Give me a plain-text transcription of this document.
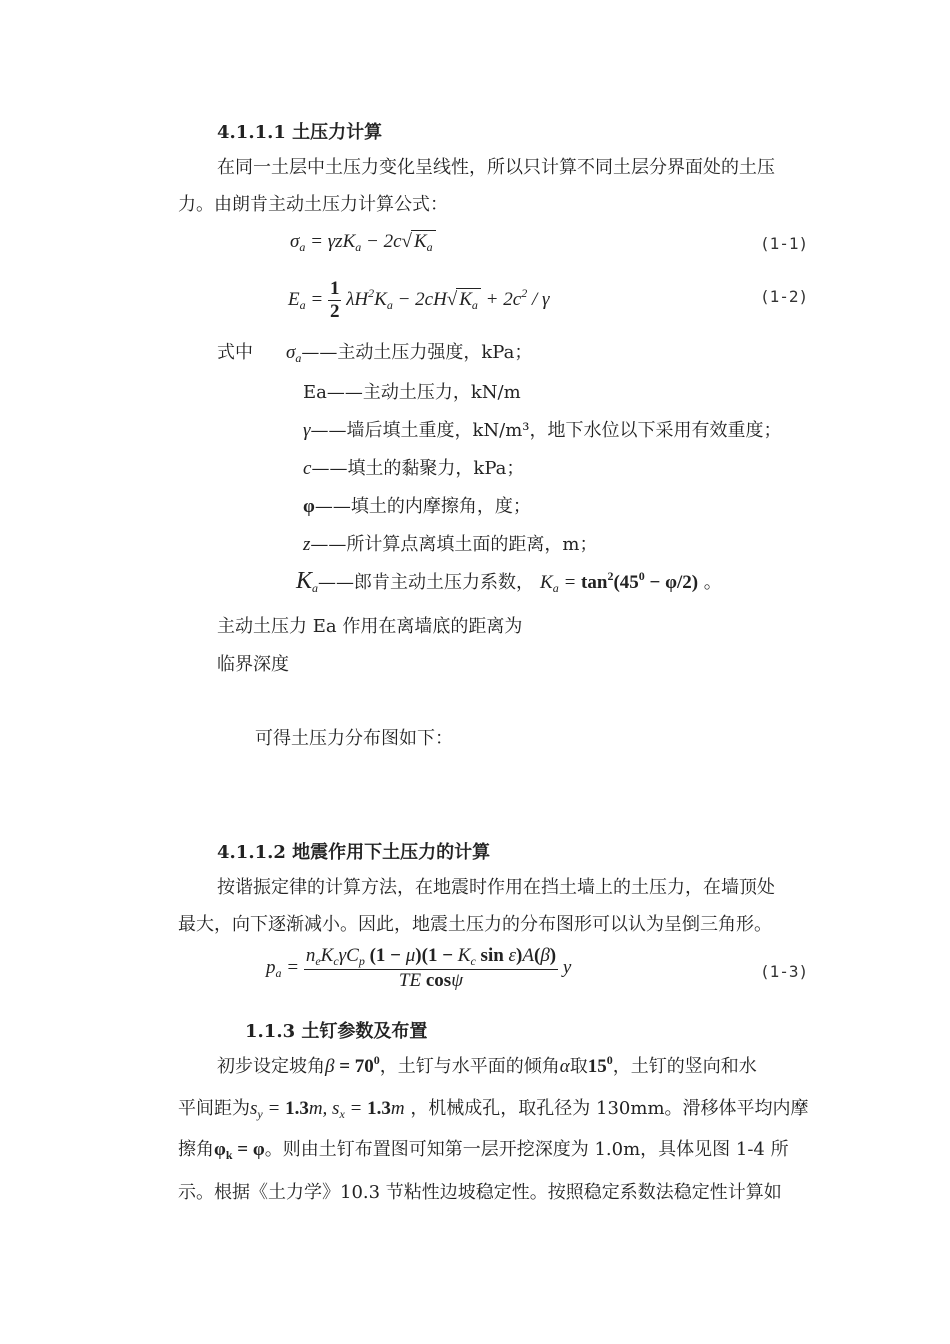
4.1.1.1 土压力计算
在同一土层中土压力变化呈线性，所以只计算不同土层分界面处的土压
力。由朗肯主动土压力计算公式：
$\sigma_a = \gamma zK_a - 2c√$ $K_a$	(1-1)
$E_a = \frac{1}{2} \lambda H^2K_a - 2cH√$ $K_a + 2c^2 / \gamma$	(1-2)
式中 $\sigma_a——$主动土压力强度，kPa；
Ea——主动土压力，kN/m
γ——墙后填土重度，kN/m³，地下水位以下采用有效重度；
c——填土的黏聚力，kPa；
φ——填土的内摩擦角，度；
z——所计算点离填土面的距离，m；
$K_a——$郎肯主动土压力系数， $K_a = \tan^2(45^0 - \varphi/2)$ 。
主动土压力 Ea 作用在离墙底的距离为
临界深度
可得土压力分布图如下：
4.1.1.2 地震作用下土压力的计算
按谐振定律的计算方法，在地震时作用在挡土墙上的土压力，在墙顶处
最大，向下逐渐减小。因此，地震土压力的分布图形可以认为呈倒三角形。
$p_a = \frac{n_eK_c\gamma C_p (1 - \mu)(1 - K_c \sin \varepsilon)A(\beta)}{\text{TE cosψ}}$ y	(1-3)
1.1.3 土钉参数及布置
初步设定坡角$\beta = 70^0$，土钉与水平面的倾角α取$15^0$，土钉的竖向和水
平间距为$s_y = 1.3m$, $s_x = 1.3m$ ，机械成孔，取孔径为 130mm。滑移体平均内摩
擦角$\varphi_k = \varphi$。则由土钉布置图可知第一层开挖深度为 1.0m，具体见图 1-4 所
示。根据《土力学》10.3 节粘性边坡稳定性。按照稳定系数法稳定性计算如
